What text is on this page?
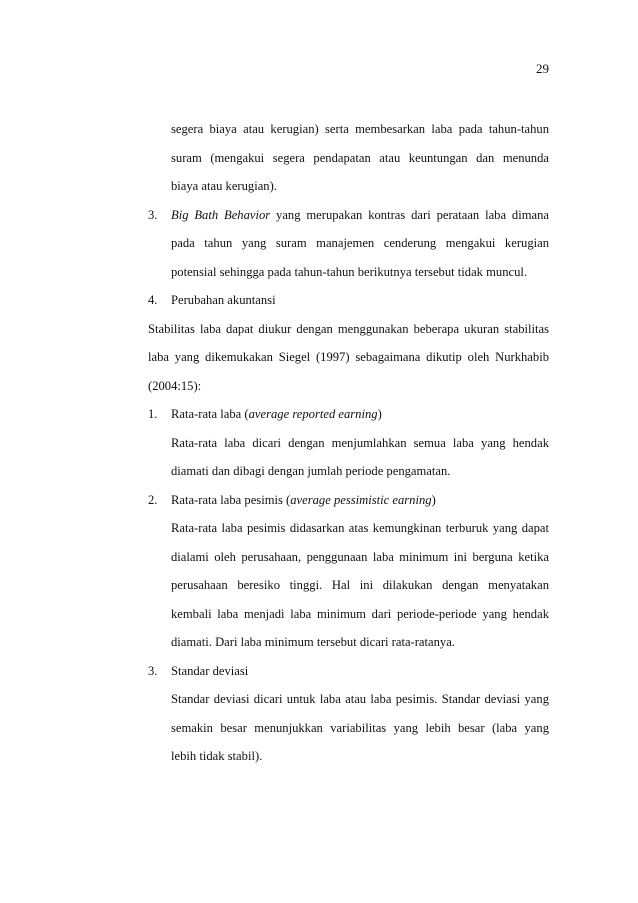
29
segera biaya atau kerugian) serta membesarkan laba pada tahun-tahun
suram (mengakui segera pendapatan atau keuntungan dan menunda
biaya atau kerugian).
3. Big Bath Behavior yang merupakan kontras dari perataan laba dimana
pada tahun yang suram manajemen cenderung mengakui kerugian
potensial sehingga pada tahun-tahun berikutnya tersebut tidak muncul.
4. Perubahan akuntansi
Stabilitas laba dapat diukur dengan menggunakan beberapa ukuran stabilitas
laba yang dikemukakan Siegel (1997) sebagaimana dikutip oleh Nurkhabib
(2004:15):
1. Rata-rata laba (average reported earning)
Rata-rata laba dicari dengan menjumlahkan semua laba yang hendak
diamati dan dibagi dengan jumlah periode pengamatan.
2. Rata-rata laba pesimis (average pessimistic earning)
Rata-rata laba pesimis didasarkan atas kemungkinan terburuk yang dapat
dialami oleh perusahaan, penggunaan laba minimum ini berguna ketika
perusahaan beresiko tinggi. Hal ini dilakukan dengan menyatakan
kembali laba menjadi laba minimum dari periode-periode yang hendak
diamati. Dari laba minimum tersebut dicari rata-ratanya.
3. Standar deviasi
Standar deviasi dicari untuk laba atau laba pesimis. Standar deviasi yang
semakin besar menunjukkan variabilitas yang lebih besar (laba yang
lebih tidak stabil).
